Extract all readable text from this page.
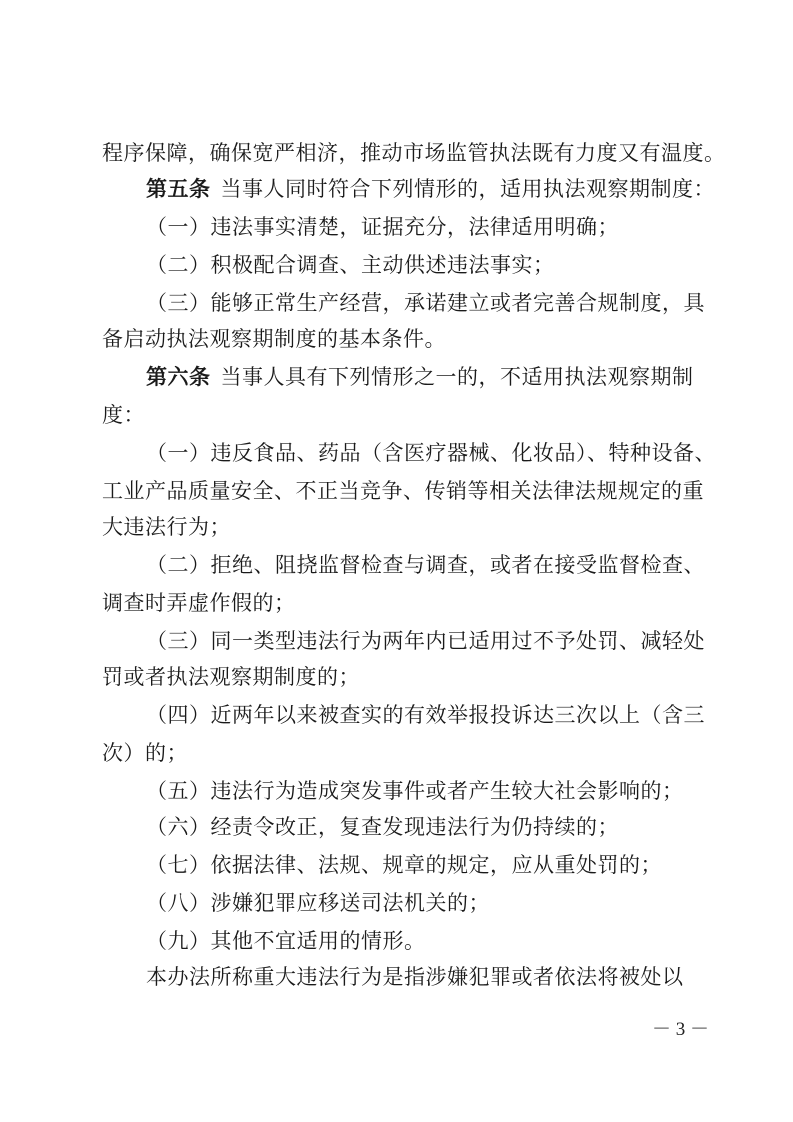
程序保障，确保宽严相济，推动市场监管执法既有力度又有温度。
第五条 当事人同时符合下列情形的，适用执法观察期制度：
（一）违法事实清楚，证据充分，法律适用明确；
（二）积极配合调查、主动供述违法事实；
（三）能够正常生产经营，承诺建立或者完善合规制度，具
备启动执法观察期制度的基本条件。
第六条 当事人具有下列情形之一的，不适用执法观察期制
度：
（一）违反食品、药品（含医疗器械、化妆品）、特种设备、
工业产品质量安全、不正当竞争、传销等相关法律法规规定的重
大违法行为；
（二）拒绝、阻挠监督检查与调查，或者在接受监督检查、
调查时弄虚作假的；
（三）同一类型违法行为两年内已适用过不予处罚、减轻处
罚或者执法观察期制度的；
（四）近两年以来被查实的有效举报投诉达三次以上（含三
次）的；
（五）违法行为造成突发事件或者产生较大社会影响的；
（六）经责令改正，复查发现违法行为仍持续的；
（七）依据法律、法规、规章的规定，应从重处罚的；
（八）涉嫌犯罪应移送司法机关的；
（九）其他不宜适用的情形。
本办法所称重大违法行为是指涉嫌犯罪或者依法将被处以
－ 3 －
